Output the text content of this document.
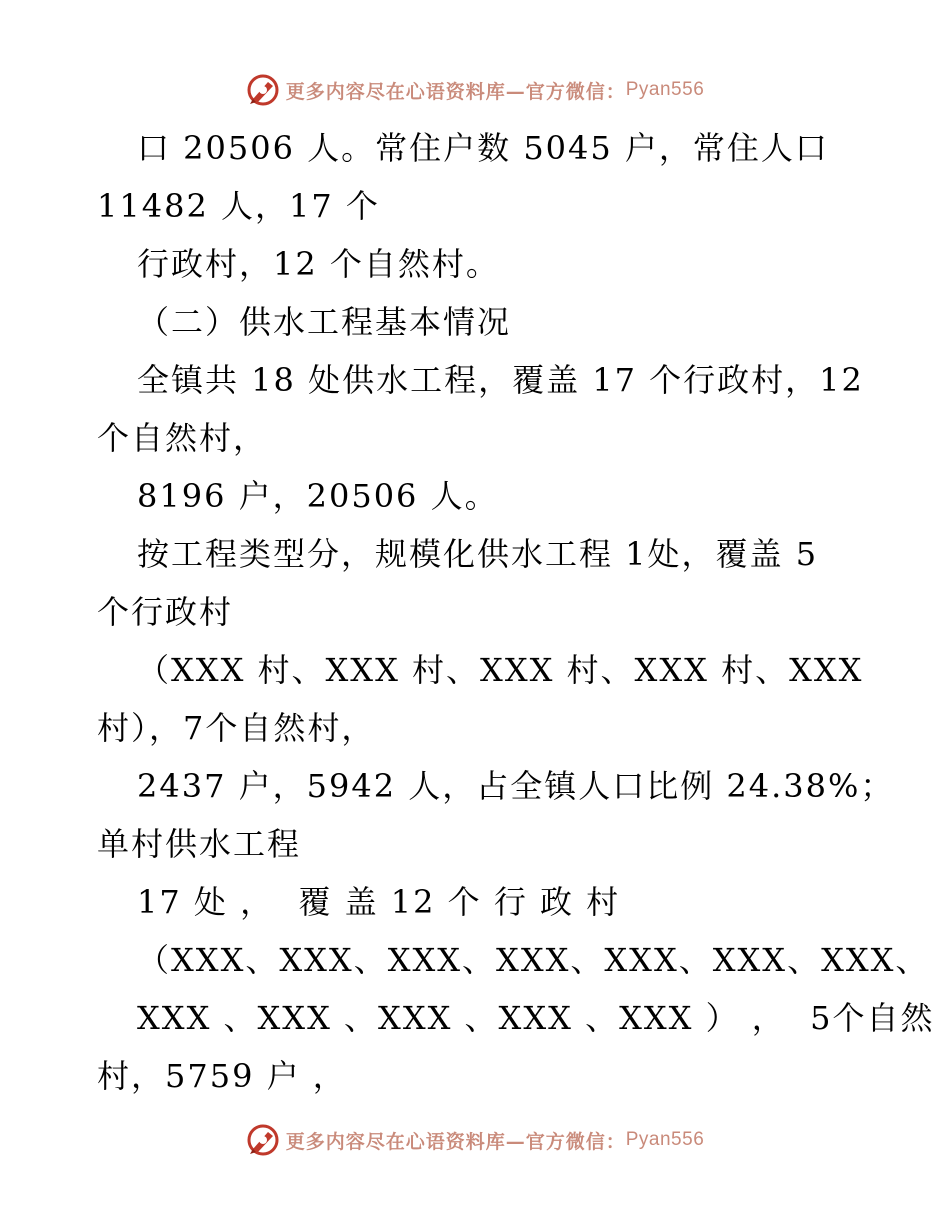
更多内容尽在心语资料库—官方微信： Pyan556
口 20506 人。常住户数 5045 户，常住人口
11482 人，17 个
行政村，12 个自然村。
（二）供水工程基本情况
全镇共 18 处供水工程，覆盖 17 个行政村，12
个自然村，
8196 户，20506 人。
按工程类型分，规模化供水工程 1处，覆盖 5
个行政村
（XXX 村、XXX 村、XXX 村、XXX 村、XXX
村），7个自然村，
2437 户，5942 人，占全镇人口比例 24.38%；
单村供水工程
17 处 ，  覆 盖 12 个 行 政 村
（XXX、XXX、XXX、XXX、XXX、XXX、XXX、
XXX 、XXX 、XXX 、XXX 、XXX ） ，  5个自然
村，5759 户 ，
更多内容尽在心语资料库—官方微信： Pyan556
